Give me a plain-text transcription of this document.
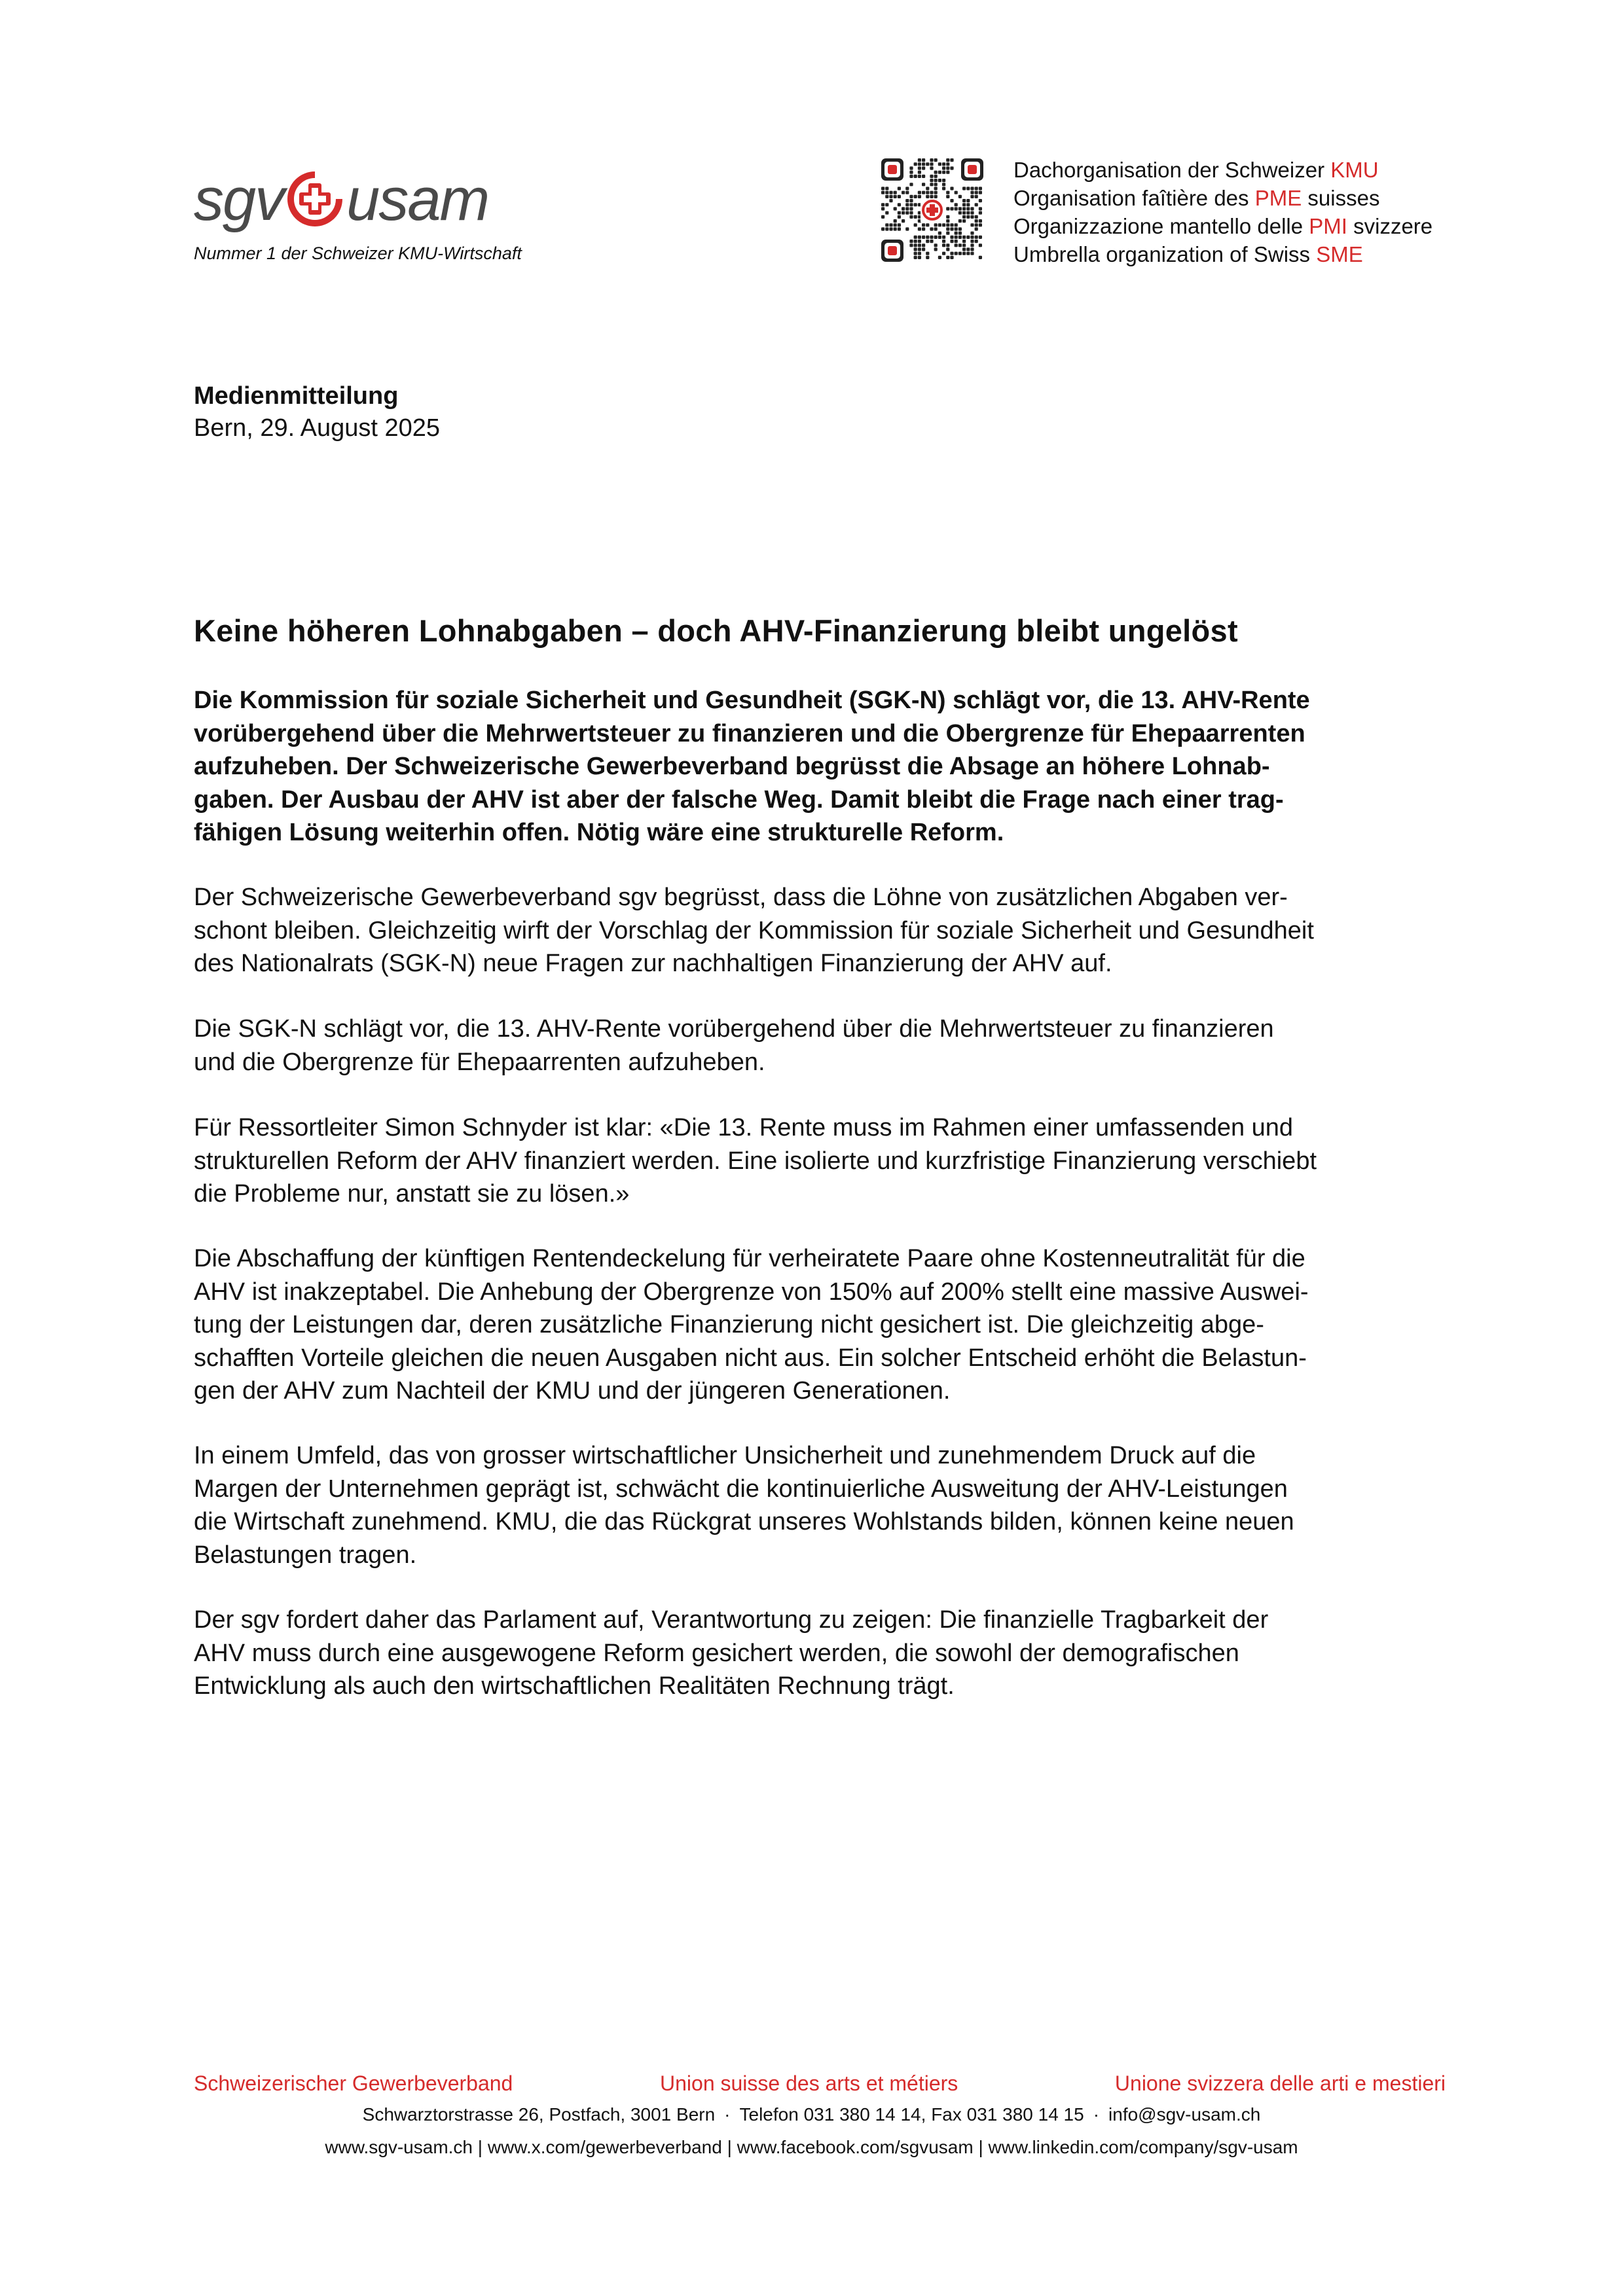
sgv usam
Nummer 1 der Schweizer KMU-Wirtschaft
Dachorganisation der Schweizer KMU
Organisation faîtière des PME suisses
Organizzazione mantello delle PMI svizzere
Umbrella organization of Swiss SME
Medienmitteilung
Bern, 29. August 2025
Keine höheren Lohnabgaben – doch AHV-Finanzierung bleibt ungelöst
Die Kommission für soziale Sicherheit und Gesundheit (SGK-N) schlägt vor, die 13. AHV-Rente
vorübergehend über die Mehrwertsteuer zu finanzieren und die Obergrenze für Ehepaarrenten
aufzuheben. Der Schweizerische Gewerbeverband begrüsst die Absage an höhere Lohnab-
gaben. Der Ausbau der AHV ist aber der falsche Weg. Damit bleibt die Frage nach einer trag-
fähigen Lösung weiterhin offen. Nötig wäre eine strukturelle Reform.
Der Schweizerische Gewerbeverband sgv begrüsst, dass die Löhne von zusätzlichen Abgaben ver-
schont bleiben. Gleichzeitig wirft der Vorschlag der Kommission für soziale Sicherheit und Gesundheit
des Nationalrats (SGK-N) neue Fragen zur nachhaltigen Finanzierung der AHV auf.
Die SGK-N schlägt vor, die 13. AHV-Rente vorübergehend über die Mehrwertsteuer zu finanzieren
und die Obergrenze für Ehepaarrenten aufzuheben.
Für Ressortleiter Simon Schnyder ist klar: «Die 13. Rente muss im Rahmen einer umfassenden und
strukturellen Reform der AHV finanziert werden. Eine isolierte und kurzfristige Finanzierung verschiebt
die Probleme nur, anstatt sie zu lösen.»
Die Abschaffung der künftigen Rentendeckelung für verheiratete Paare ohne Kostenneutralität für die
AHV ist inakzeptabel. Die Anhebung der Obergrenze von 150% auf 200% stellt eine massive Auswei-
tung der Leistungen dar, deren zusätzliche Finanzierung nicht gesichert ist. Die gleichzeitig abge-
schafften Vorteile gleichen die neuen Ausgaben nicht aus. Ein solcher Entscheid erhöht die Belastun-
gen der AHV zum Nachteil der KMU und der jüngeren Generationen.
In einem Umfeld, das von grosser wirtschaftlicher Unsicherheit und zunehmendem Druck auf die
Margen der Unternehmen geprägt ist, schwächt die kontinuierliche Ausweitung der AHV-Leistungen
die Wirtschaft zunehmend. KMU, die das Rückgrat unseres Wohlstands bilden, können keine neuen
Belastungen tragen.
Der sgv fordert daher das Parlament auf, Verantwortung zu zeigen: Die finanzielle Tragbarkeit der
AHV muss durch eine ausgewogene Reform gesichert werden, die sowohl der demografischen
Entwicklung als auch den wirtschaftlichen Realitäten Rechnung trägt.
Schweizerischer Gewerbeverband	Union suisse des arts et métiers	Unione svizzera delle arti e mestieri
Schwarztorstrasse 26, Postfach, 3001 Bern · Telefon 031 380 14 14, Fax 031 380 14 15 · info@sgv-usam.ch
www.sgv-usam.ch | www.x.com/gewerbeverband | www.facebook.com/sgvusam | www.linkedin.com/company/sgv-usam
